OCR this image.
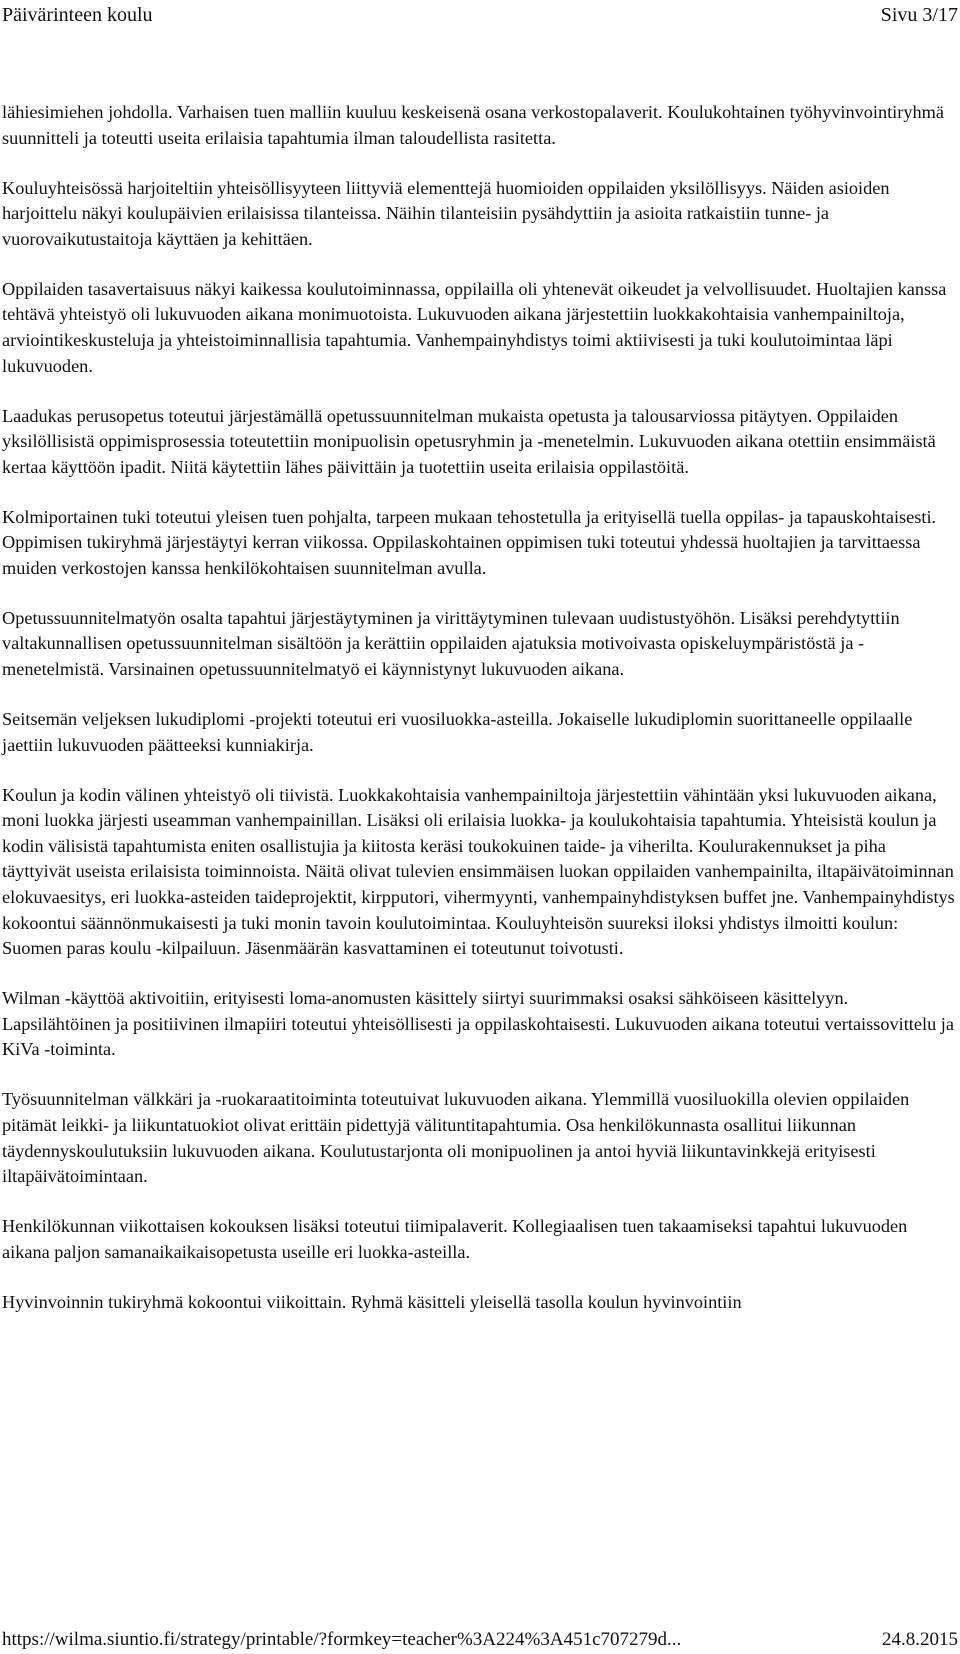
Päivärinteen koulu	Sivu 3/17

lähiesimiehen johdolla. Varhaisen tuen malliin kuuluu keskeisenä osana verkostopalaverit. Koulukohtainen työhyvinvointiryhmä suunnitteli ja toteutti useita erilaisia tapahtumia ilman taloudellista rasitetta.

Kouluyhteisössä harjoiteltiin yhteisöllisyyteen liittyviä elementtejä huomioiden oppilaiden yksilöllisyys. Näiden asioiden harjoittelu näkyi koulupäivien erilaisissa tilanteissa. Näihin tilanteisiin pysähdyttiin ja asioita ratkaistiin tunne- ja vuorovaikutustaitoja käyttäen ja kehittäen.

Oppilaiden tasavertaisuus näkyi kaikessa koulutoiminnassa, oppilailla oli yhtenevät oikeudet ja velvollisuudet. Huoltajien kanssa tehtävä yhteistyö oli lukuvuoden aikana monimuotoista. Lukuvuoden aikana järjestettiin luokkakohtaisia vanhempainiltoja, arviointikeskusteluja ja yhteistoiminnallisia tapahtumia. Vanhempainyhdistys toimi aktiivisesti ja tuki koulutoimintaa läpi lukuvuoden.

Laadukas perusopetus toteutui järjestämällä opetussuunnitelman mukaista opetusta ja talousarviossa pitäytyen. Oppilaiden yksilöllisistä oppimisprosessia toteutettiin monipuolisin opetusryhmin ja -menetelmin. Lukuvuoden aikana otettiin ensimmäistä kertaa käyttöön ipadit. Niitä käytettiin lähes päivittäin ja tuotettiin useita erilaisia oppilastöitä.

Kolmiportainen tuki toteutui yleisen tuen pohjalta, tarpeen mukaan tehostetulla ja erityisellä tuella oppilas- ja tapauskohtaisesti. Oppimisen tukiryhmä järjestäytyi kerran viikossa. Oppilaskohtainen oppimisen tuki toteutui yhdessä huoltajien ja tarvittaessa muiden verkostojen kanssa henkilökohtaisen suunnitelman avulla.

Opetussuunnitelmatyön osalta tapahtui järjestäytyminen ja virittäytyminen tulevaan uudistustyöhön. Lisäksi perehdytyttiin valtakunnallisen opetussuunnitelman sisältöön ja kerättiin oppilaiden ajatuksia motivoivasta opiskeluympäristöstä ja -menetelmistä. Varsinainen opetussuunnitelmatyö ei käynnistynyt lukuvuoden aikana.

Seitsemän veljeksen lukudiplomi -projekti toteutui eri vuosiluokka-asteilla. Jokaiselle lukudiplomin suorittaneelle oppilaalle jaettiin lukuvuoden päätteeksi kunniakirja.

Koulun ja kodin välinen yhteistyö oli tiivistä. Luokkakohtaisia vanhempainiltoja järjestettiin vähintään yksi lukuvuoden aikana, moni luokka järjesti useamman vanhempainillan. Lisäksi oli erilaisia luokka- ja koulukohtaisia tapahtumia. Yhteisistä koulun ja kodin välisistä tapahtumista eniten osallistujia ja kiitosta keräsi toukokuinen taide- ja viherilta. Koulurakennukset ja piha täyttyivät useista erilaisista toiminnoista. Näitä olivat tulevien ensimmäisen luokan oppilaiden vanhempainilta, iltapäivätoiminnan elokuvaesitys, eri luokka-asteiden taideprojektit, kirpputori, vihermyynti, vanhempainyhdistyksen buffet jne. Vanhempainyhdistys kokoontui säännönmukaisesti ja tuki monin tavoin koulutoimintaa. Kouluyhteisön suureksi iloksi yhdistys ilmoitti koulun: Suomen paras koulu -kilpailuun. Jäsenmäärän kasvattaminen ei toteutunut toivotusti.

Wilman -käyttöä aktivoitiin, erityisesti loma-anomusten käsittely siirtyi suurimmaksi osaksi sähköiseen käsittelyyn. Lapsilähtöinen ja positiivinen ilmapiiri toteutui yhteisöllisesti ja oppilaskohtaisesti. Lukuvuoden aikana toteutui vertaissovittelu ja KiVa -toiminta.

Työsuunnitelman välkkäri ja -ruokaraatitoiminta toteutuivat lukuvuoden aikana. Ylemmillä vuosiluokilla olevien oppilaiden pitämät leikki- ja liikuntatuokiot olivat erittäin pidettyjä välituntitapahtumia. Osa henkilökunnasta osallitui liikunnan täydennyskoulutuksiin lukuvuoden aikana. Koulutustarjonta oli monipuolinen ja antoi hyviä liikuntavinkkejä erityisesti iltapäivätoimintaan.

Henkilökunnan viikottaisen kokouksen lisäksi toteutui tiimipalaverit. Kollegiaalisen tuen takaamiseksi tapahtui lukuvuoden aikana paljon samanaikaikaisopetusta useille eri luokka-asteilla.

Hyvinvoinnin tukiryhmä kokoontui viikoittain. Ryhmä käsitteli yleisellä tasolla koulun hyvinvointiin

https://wilma.siuntio.fi/strategy/printable/?formkey=teacher%3A224%3A451c707279d...	24.8.2015
